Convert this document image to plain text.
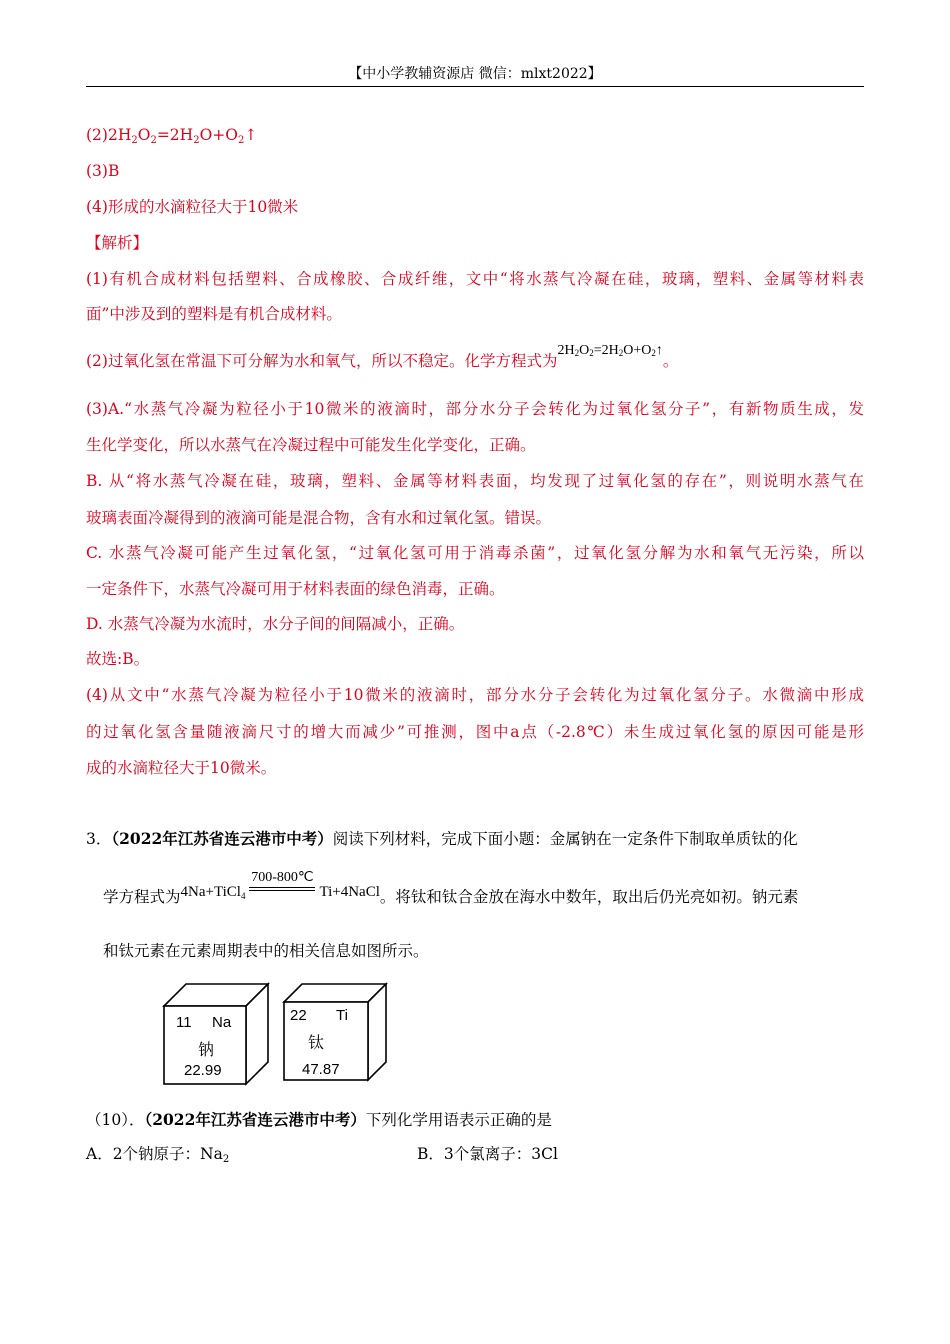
【中小学教辅资源店 微信：mlxt2022】
$(2)2H_2O_2=2H_2O+O_2↑$
(3)B
(4)形成的水滴粒径大于10微米
【解析】
(1)有机合成材料包括塑料、合成橡胶、合成纤维，文中“将水蒸气冷凝在硅，玻璃，塑料、金属等材料表
面”中涉及到的塑料是有机合成材料。
(2)过氧化氢在常温下可分解为水和氧气，所以不稳定。化学方程式为$2H_2O_2=2H_2O+O_2↑$。
(3)A.“水蒸气冷凝为粒径小于10微米的液滴时，部分水分子会转化为过氧化氢分子”，有新物质生成，发
生化学变化，所以水蒸气在冷凝过程中可能发生化学变化，正确。
B. 从“将水蒸气冷凝在硅，玻璃，塑料、金属等材料表面，均发现了过氧化氢的存在”，则说明水蒸气在
玻璃表面冷凝得到的液滴可能是混合物，含有水和过氧化氢。错误。
C. 水蒸气冷凝可能产生过氧化氢，“过氧化氢可用于消毒杀菌”，过氧化氢分解为水和氧气无污染，所以
一定条件下，水蒸气冷凝可用于材料表面的绿色消毒，正确。
D. 水蒸气冷凝为水流时，水分子间的间隔减小，正确。
故选:B。
(4)从文中“水蒸气冷凝为粒径小于10微米的液滴时，部分水分子会转化为过氧化氢分子。水微滴中形成
的过氧化氢含量随液滴尺寸的增大而减少”可推测，图中a点（-2.8℃）未生成过氧化氢的原因可能是形
成的水滴粒径大于10微米。
3．（2022年江苏省连云港市中考）阅读下列材料，完成下面小题：金属钠在一定条件下制取单质钛的化
学方程式为4Na+TiCl$_4$
700-800℃
Ti+4NaCl。将钛和钛合金放在海水中数年，取出后仍光亮如初。钠元素
和钛元素在元素周期表中的相关信息如图所示。
11 Na
钠
22.99
22 Ti
钛
47.87
（10）．（2022年江苏省连云港市中考）下列化学用语表示正确的是
A．2个钠原子：$Na_2$	B．3个氯离子：3Cl
